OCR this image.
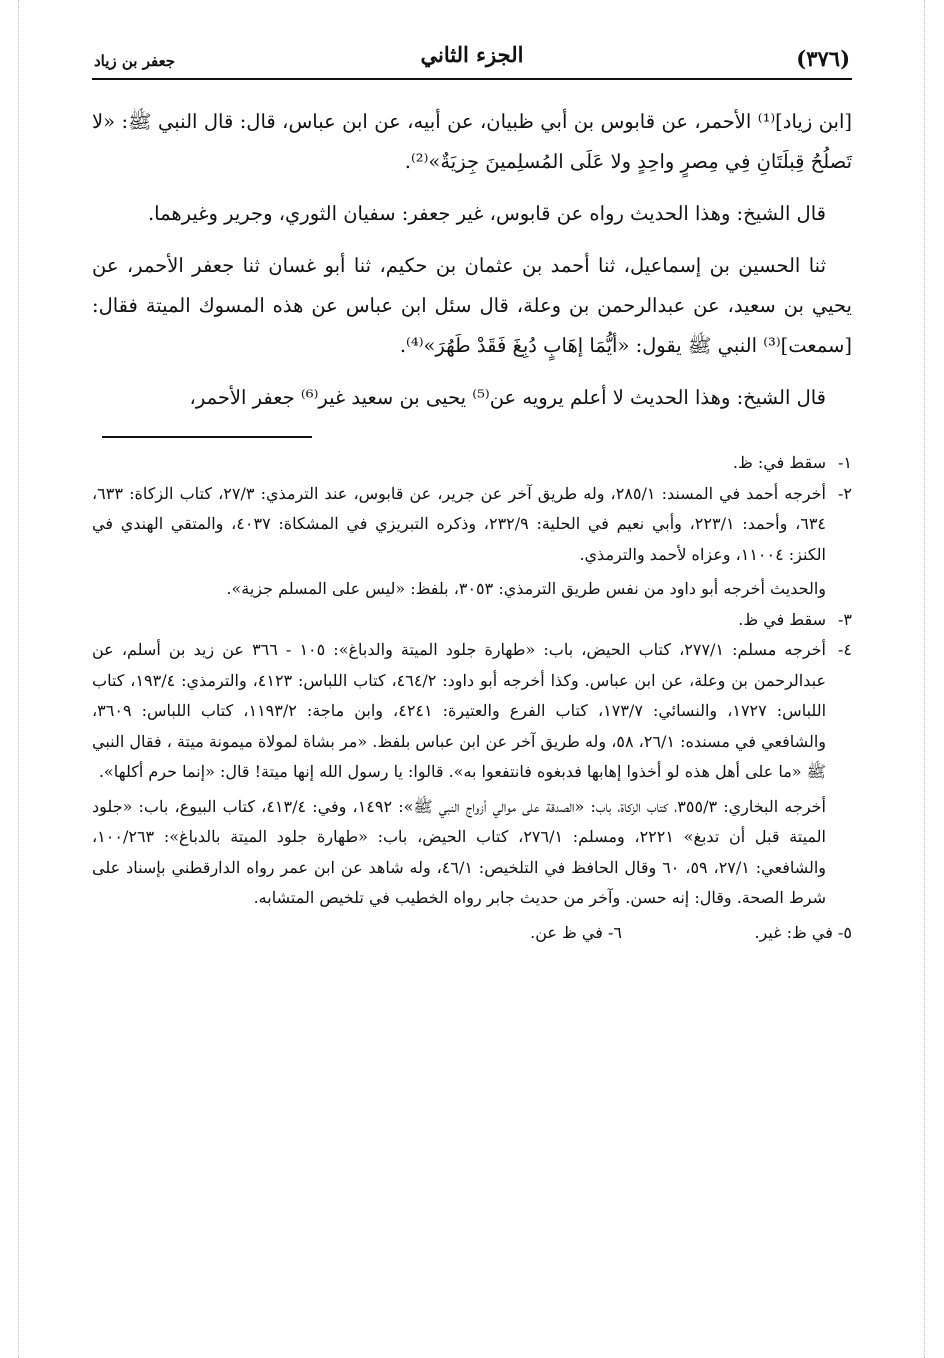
(٣٧٦)
الجزء الثاني
جعفر بن زياد

[ابن زياد]⁽¹⁾ الأحمر، عن قابوس بن أبي ظبيان، عن أبيه، عن ابن عباس، قال: قال النبي ﷺ: «لا تَصلُحُ قِبلَتَانِ فِي مِصرٍ واحِدٍ ولا عَلَى المُسلِمينَ جِزيَةٌ»⁽²⁾.

قال الشيخ: وهذا الحديث رواه عن قابوس، غير جعفر: سفيان الثوري، وجرير وغيرهما.

ثنا الحسين بن إسماعيل، ثنا أحمد بن عثمان بن حكيم، ثنا أبو غسان ثنا جعفر الأحمر، عن يحيي بن سعيد، عن عبدالرحمن بن وعلة، قال سئل ابن عباس عن هذه المسوك الميتة فقال: [سمعت]⁽³⁾ النبي ﷺ يقول: «أيُّمَا إهَابٍ دُبِغَ فَقَدْ طَهُرَ»⁽⁴⁾.

قال الشيخ: وهذا الحديث لا أعلم يرويه عن⁽⁵⁾ يحيى بن سعيد غير⁽⁶⁾ جعفر الأحمر،

١-

سقط في: ظ.

٢-

أخرجه أحمد في المسند: ٢٨٥/١، وله طريق آخر عن جرير، عن قابوس، عند الترمذي: ٢٧/٣، كتاب الزكاة: ٦٣٣، ٦٣٤، وأحمد: ٢٢٣/١، وأبي نعيم في الحلية: ٢٣٢/٩، وذكره التبريزي في المشكاة: ٤٠٣٧، والمتقي الهندي في الكنز: ١١٠٠٤، وعزاه لأحمد والترمذي.

والحديث أخرجه أبو داود من نفس طريق الترمذي: ٣٠٥٣، بلفظ: «ليس على المسلم جزية».

٣-

سقط في ظ.

٤-

أخرجه مسلم: ٢٧٧/١، كتاب الحيض، باب: «طهارة جلود الميتة والدباغ»: ١٠٥ - ٣٦٦ عن زيد بن أسلم، عن عبدالرحمن بن وعلة، عن ابن عباس. وكذا أخرجه أبو داود: ٤٦٤/٢، كتاب اللباس: ٤١٢٣، والترمذي: ١٩٣/٤، كتاب اللباس: ١٧٢٧، والنسائي: ١٧٣/٧، كتاب الفرع والعتيرة: ٤٢٤١، وابن ماجة: ١١٩٣/٢، كتاب اللباس: ٣٦٠٩، والشافعي في مسنده: ٢٦/١، ٥٨، وله طريق آخر عن ابن عباس بلفظ. «مر بشاة لمولاة ميمونة ميتة ، فقال النبي ﷺ «ما على أهل هذه لو أخذوا إهابها فدبغوه فانتفعوا به». قالوا: يا رسول الله إنها ميتة! قال: «إنما حرم أكلها».

أخرجه البخاري: ٣٥٥/٣، كتاب الزكاة، باب: «الصدقة على موالي أزواج النبي ﷺ»: ١٤٩٢، وفي: ٤١٣/٤، كتاب البيوع، باب: «جلود الميتة قبل أن تدبغ» ٢٢٢١، ومسلم: ٢٧٦/١، كتاب الحيض، باب: «طهارة جلود الميتة بالدباغ»: ١٠٠/٢٦٣، والشافعي: ٢٧/١، ٥٩، ٦٠ وقال الحافظ في التلخيص: ٤٦/١، وله شاهد عن ابن عمر رواه الدارقطني بإسناد على شرط الصحة. وقال: إنه حسن. وآخر من حديث جابر رواه الخطيب في تلخيص المتشابه.

٥- في ظ: غير.
٦- في ظ عن.
